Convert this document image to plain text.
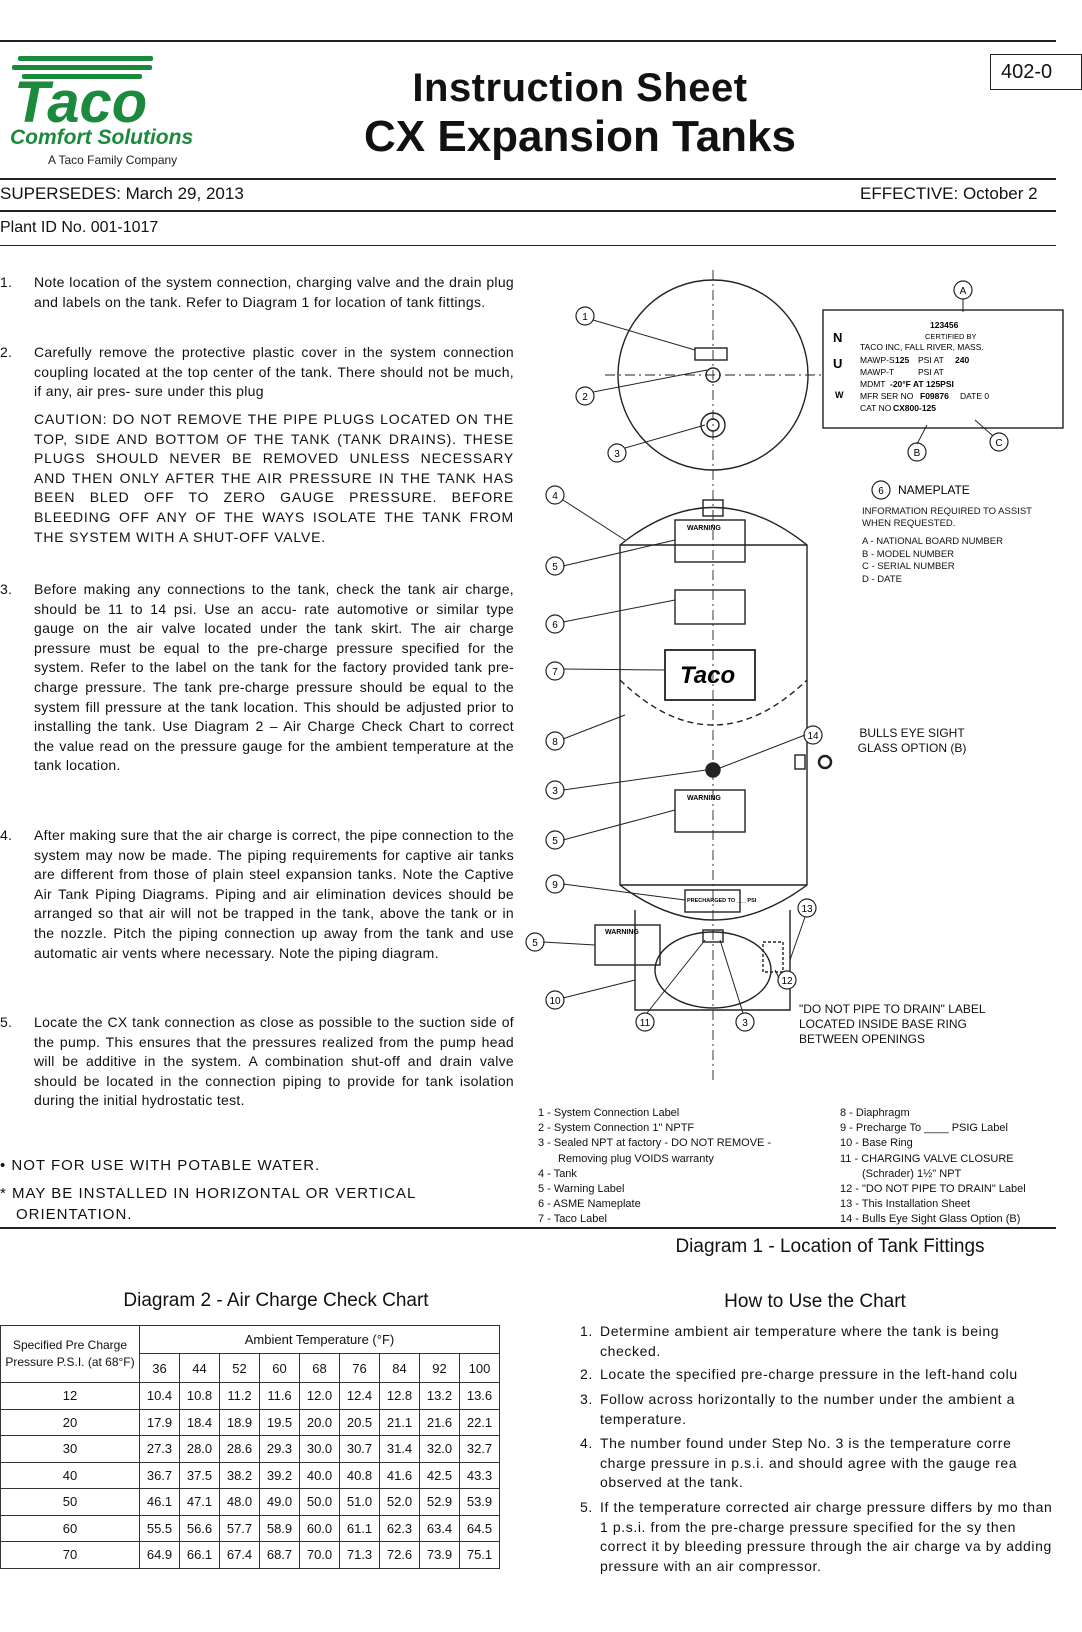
Taco
Comfort Solutions
A Taco Family Company
Instruction Sheet
CX Expansion Tanks
402-0
SUPERSEDES: March 29, 2013	EFFECTIVE: October 2
Plant ID No. 001-1017
1.	Note location of the system connection, charging valve and the drain plug and labels on the tank. Refer to Diagram 1 for location of tank fittings.
2.	Carefully remove the protective plastic cover in the system connection coupling located at the top center of the tank. There should not be much, if any, air pres- sure under this plug
CAUTION: DO NOT REMOVE THE PIPE PLUGS LOCATED ON THE TOP, SIDE AND BOTTOM OF THE TANK (TANK DRAINS). THESE PLUGS SHOULD NEVER BE REMOVED UNLESS NECESSARY AND THEN ONLY AFTER THE AIR PRESSURE IN THE TANK HAS BEEN BLED OFF TO ZERO GAUGE PRESSURE. BEFORE BLEEDING OFF ANY OF THE WAYS ISOLATE THE TANK FROM THE SYSTEM WITH A SHUT-OFF VALVE.
3.	Before making any connections to the tank, check the tank air charge, should be 11 to 14 psi. Use an accu- rate automotive or similar type gauge on the air valve located under the tank skirt. The air charge pressure must be equal to the pre-charge pressure specified for the system. Refer to the label on the tank for the factory provided tank pre- charge pressure. The tank pre-charge pressure should be equal to the system fill pressure at the tank location. This should be adjusted prior to installing the tank. Use Diagram 2 – Air Charge Check Chart to correct the value read on the pressure gauge for the ambient temperature at the tank location.
4.	After making sure that the air charge is correct, the pipe connection to the system may now be made. The piping requirements for captive air tanks are different from those of plain steel expansion tanks. Note the Captive Air Tank Piping Diagrams. Piping and air elimination devices should be arranged so that air will not be trapped in the tank, above the tank or in the nozzle. Pitch the piping connection up away from the tank and use automatic air vents where necessary. Note the piping diagram.
5.	Locate the CX tank connection as close as possible to the suction side of the pump. This ensures that the pressures realized from the pump head will be additive in the system. A combination shut-off and drain valve should be located in the connection piping to provide for tank isolation during the initial hydrostatic test.
• NOT FOR USE WITH POTABLE WATER.
* MAY BE INSTALLED IN HORIZONTAL OR VERTICAL ORIENTATION.
1
2
3
4
5
6
7
8
3
5
9
5
10
11	3
13
12
14
A
B
C
6
WARNING
WARNING
WARNING
PRECHARGED TO ___ PSI
Taco
123456
CERTIFIED BY
TACO INC, FALL RIVER, MASS.
MAWP-S 125 PSI AT 240
MAWP-T	PSI AT
MDMT -20°F AT 125PSI
MFR SER NO F09876 DATE 0
CAT NO CX800-125
N
U
W
NAMEPLATE
INFORMATION REQUIRED TO ASSIST WHEN REQUESTED.
A - NATIONAL BOARD NUMBER
B - MODEL NUMBER
C - SERIAL NUMBER
D - DATE
BULLS EYE SIGHT GLASS OPTION (B)
"DO NOT PIPE TO DRAIN" LABEL LOCATED INSIDE BASE RING BETWEEN OPENINGS
1 - System Connection Label
2 - System Connection 1" NPTF
3 - Sealed NPT at factory - DO NOT REMOVE -
Removing plug VOIDS warranty
4 - Tank
5 - Warning Label
6 - ASME Nameplate
7 - Taco Label
8 - Diaphragm
9 - Precharge To ____ PSIG Label
10 - Base Ring
11 - CHARGING VALVE CLOSURE
(Schrader) 1½" NPT
12 - "DO NOT PIPE TO DRAIN" Label
13 - This Installation Sheet
14 - Bulls Eye Sight Glass Option (B)
Diagram 1 - Location of Tank Fittings
Diagram 2 - Air Charge Check Chart
Specified Pre Charge Pressure P.S.I. (at 68°F)	Ambient Temperature (°F)								
	36	44	52	60	68	76	84	92	100
12	10.4	10.8	11.2	11.6	12.0	12.4	12.8	13.2	13.6
20	17.9	18.4	18.9	19.5	20.0	20.5	21.1	21.6	22.1
30	27.3	28.0	28.6	29.3	30.0	30.7	31.4	32.0	32.7
40	36.7	37.5	38.2	39.2	40.0	40.8	41.6	42.5	43.3
50	46.1	47.1	48.0	49.0	50.0	51.0	52.0	52.9	53.9
60	55.5	56.6	57.7	58.9	60.0	61.1	62.3	63.4	64.5
70	64.9	66.1	67.4	68.7	70.0	71.3	72.6	73.9	75.1
How to Use the Chart
1. Determine ambient air temperature where the tank is being checked.
2. Locate the specified pre-charge pressure in the left-hand colu
3. Follow across horizontally to the number under the ambient a temperature.
4. The number found under Step No. 3 is the temperature corre charge pressure in p.s.i. and should agree with the gauge rea observed at the tank.
5. If the temperature corrected air charge pressure differs by mo than 1 p.s.i. from the pre-charge pressure specified for the sy then correct it by bleeding pressure through the air charge va by adding pressure with an air compressor.
